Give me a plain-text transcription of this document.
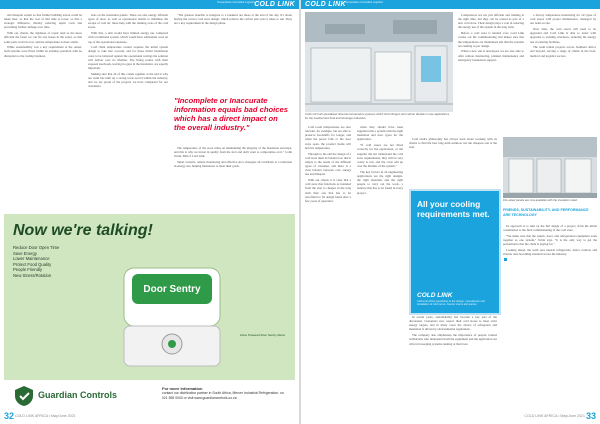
Temperature Controlled Logistics COLD LINK

and disrepair earlier so that further building action could be taken later, so that the cost of that time is lower, so that a strategic difference, thereby reducing repair costs and preventing further damage over time.

With our clients, the rigidness of repair tend as the more efficient the faster we can fix any issues in the event, so that some parts won't be lost, and the temperature is more stable.

While sustainability was a key requirement at the outset, both systems were fitted within an existing operation with no disruption to the trading business.

sites on the insulation panels. There are also energy efficient types of door, as well as operational details to minimise the escape of cold air; these help with the running costs of the cold stores.

With this, a unit would have limited energy use compared with a traditional system, which would have substantial costs on top of the operational expenses.

Cold chain temperature control requires the initial system design to take into account, and for those initial installation costs to be balanced against the operational savings the solution will deliver over its lifetime. The fixing points with their exposed steelwork, leaving no gaps in the insulation, are equally important.

Making sure that all of this comes together at the end is why our team has built up a strong track record within the industry, and we are proud of the projects we have completed for our customers.

"The greatest benefits to integrate to a business are those at the end of the day. It's about having the correct cold store design, which reduces the carbon and costs it takes to run. They are a key requirement in the design phase.

"Incomplete or Inaccurate information equals bad choices which has a direct impact on the overall industry."

The temperature of the store relies on maintaining the integrity of the insulation envelope, and this is why we invest in quality from the start and don't want to compromise on it." Colin Tobin, MD of Cold Link.

Smart controls, remote monitoring and effective door strategies all contribute to a reduction in energy use, helping businesses to meet their goals.

Now we're talking!
Reduce Door Open Time
Save Energy
Lower Maintenance
Protect Food Quality
People Friendly
New Stress/Rotation
Door Sentry
Voice Powered Door Sentry Alerts
Guardian Controls
For more information
contact our distribution partner in South Africa, Mercer Industrial Refrigeration, on 021 555 0000 or visit www.guardiancontrols.co.za
32 COLD LINK AFRICA • May/June 2021
COLD LINK Temperature Controlled Logistics
Cold Link built specialised ultra-low temperature systems which hold nitrogen and carbon dioxide in new applications for the medical and food and beverage industries.

Cold room temperatures are also relevant, for example, but are able to preserve foodstuffs for longer, and when the power fails or the door stays open, the product inside will hold its temperature.

Through to the end the design of a cold store must be balanced so that it adapts to the needs of the different types of customer, and there is a clear balance between cost, energy use and lifespan.

With our clients it is clear that a cold store that functions as intended from the start is cheaper in the long term than one that has to be retrofitted to fix design faults after a few years of operation.

when they should have been supplied with a system with the right insulation and door types for the application.

"If cold stores are not fitted correctly for the application, or the supplier did not understand the cold store requirements, they will be very costly to run, and the costs add up over the lifetime of the system."

The key factors in all engineering applications are the right designs, the right materials and the right people to carry out the work, a balance that has to be found in every project.

Compressors are not just efficient and running at the right time, but they can be reused as part of a new cold store. Their design plays a role in reducing the energy use of the system in the long term.

Before a cold store is handed over, Cold Link carries out the commissioning and makes sure that the temperatures are maintained and that the systems are running as per design.

When a new site is developed, we are also able to offer remote monitoring, planned maintenance and emergency breakdown support.

a factory temperature monitoring for all types of cold stores with proper maintenance, managed by our team on site.

Over time, the cold stores will need to be upgraded and Cold Link is able to assist with upgrades to existing structures, reducing the energy use of existing facilities.

The team builds projects across Southern Africa and beyond, serving a range of clients in the food, medical and logistics sectors.

Cold Link's philosophy has always been about working with its clients to find the best long-term solution, not the cheapest one at the start.

All your cooling requirements met.
COLD LINK
Cold Link Africa specialises in the design, manufacture and installation of cold rooms, freezer rooms and panels.

In recent years, sustainability has become a key part of the discussion. Customers now expect their cold stores to meet strict energy targets, and in many cases the choice of refrigerant and insulation is driven by environmental regulations.

The company also emphasises the importance of people: trained technicians who understand both the equipment and the application are critical in keeping systems running at their best.

Fire-rated panels are now available with the insulation rated.
FRIENDS, SUSTAINABILITY, AND PERFORMANCE ARE TECHNOLOGY

Its approach is to take on the full design of a project, from the initial consultation to the final commissioning of the cold store.

"We make sure that the panels, doors and refrigeration equipment work together as one system," Tobin says. "It is the only way to get the performance that the client is paying for."

Looking ahead, the team sees natural refrigerants, better controls and smarter data becoming standard across the industry.

COLD LINK AFRICA • May/June 2021 33
